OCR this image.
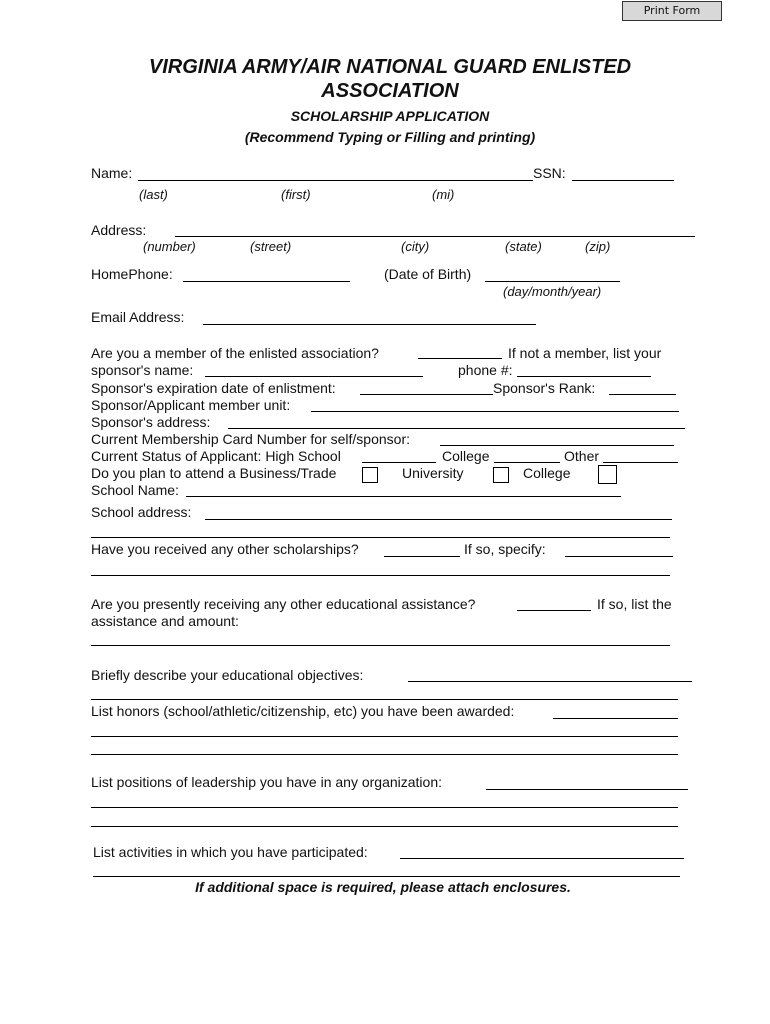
Print Form
VIRGINIA ARMY/AIR NATIONAL GUARD ENLISTED
ASSOCIATION
SCHOLARSHIP APPLICATION
(Recommend Typing or Filling and printing)
Name:	SSN:
(last)	(first)	(mi)
Address:
(number)	(street)	(city)	(state)	(zip)
HomePhone:	(Date of Birth)
(day/month/year)
Email Address:
Are you a member of the enlisted association?	If not a member, list your
sponsor's name:	phone #:
Sponsor's expiration date of enlistment:	Sponsor's Rank:
Sponsor/Applicant member unit:
Sponsor's address:
Current Membership Card Number for self/sponsor:
Current Status of Applicant: High School	College	Other
Do you plan to attend a Business/Trade	University	College
School Name:
School address:
Have you received any other scholarships?	If so, specify:
Are you presently receiving any other educational assistance?	If so, list the
assistance and amount:
Briefly describe your educational objectives:
List honors (school/athletic/citizenship, etc) you have been awarded:
List positions of leadership you have in any organization:
List activities in which you have participated:
If additional space is required, please attach enclosures.
